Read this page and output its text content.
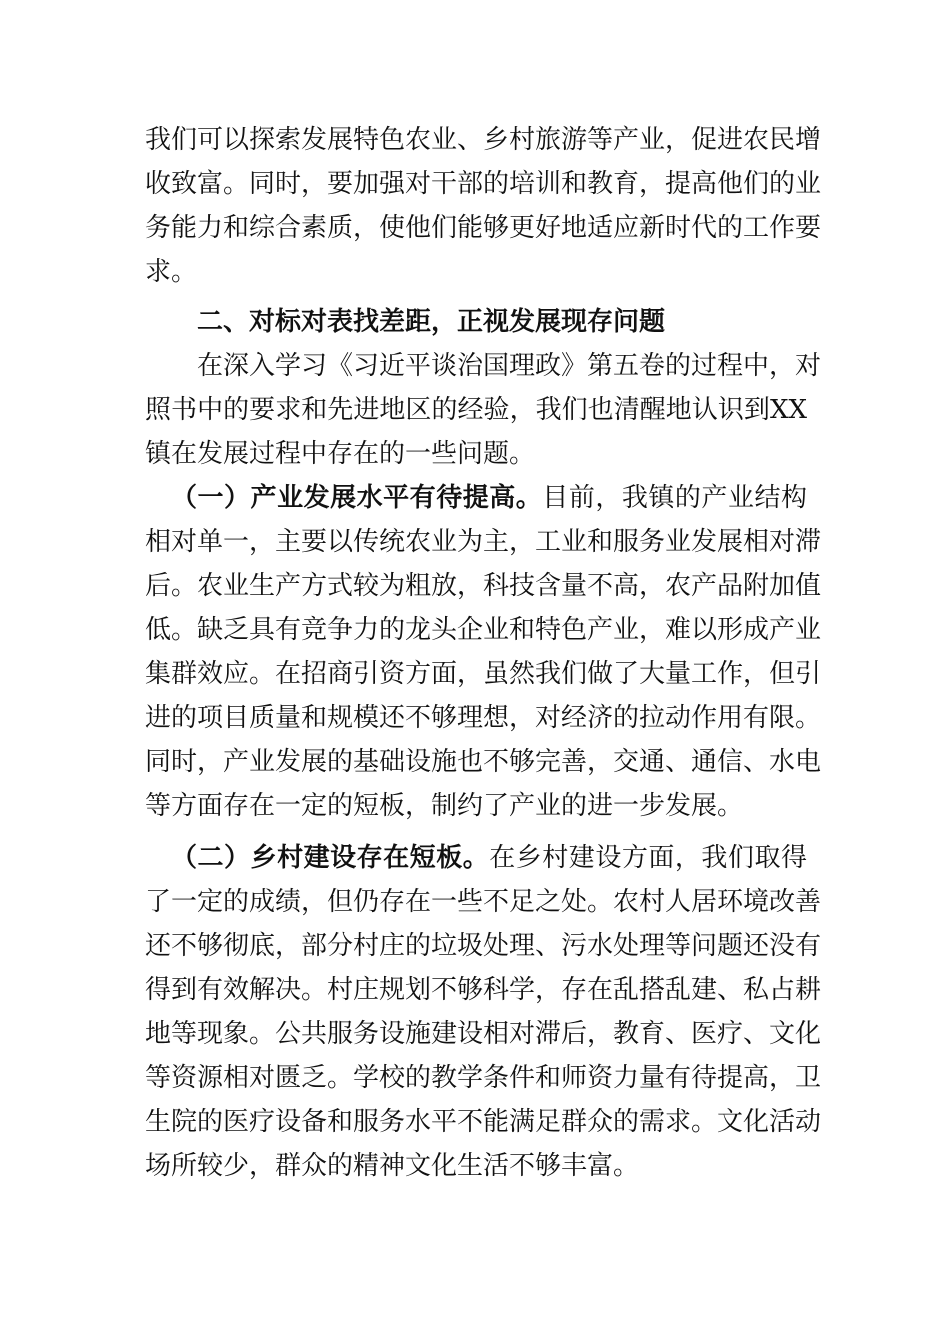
我们可以探索发展特色农业、乡村旅游等产业，促进农民增
收致富。同时，要加强对干部的培训和教育，提高他们的业
务能力和综合素质，使他们能够更好地适应新时代的工作要
求。
二、对标对表找差距，正视发展现存问题
在深入学习《习近平谈治国理政》第五卷的过程中，对
照书中的要求和先进地区的经验，我们也清醒地认识到XX
镇在发展过程中存在的一些问题。
（一）产业发展水平有待提高。目前，我镇的产业结构
相对单一，主要以传统农业为主，工业和服务业发展相对滞
后。农业生产方式较为粗放，科技含量不高，农产品附加值
低。缺乏具有竞争力的龙头企业和特色产业，难以形成产业
集群效应。在招商引资方面，虽然我们做了大量工作，但引
进的项目质量和规模还不够理想，对经济的拉动作用有限。
同时，产业发展的基础设施也不够完善，交通、通信、水电
等方面存在一定的短板，制约了产业的进一步发展。
（二）乡村建设存在短板。在乡村建设方面，我们取得
了一定的成绩，但仍存在一些不足之处。农村人居环境改善
还不够彻底，部分村庄的垃圾处理、污水处理等问题还没有
得到有效解决。村庄规划不够科学，存在乱搭乱建、私占耕
地等现象。公共服务设施建设相对滞后，教育、医疗、文化
等资源相对匮乏。学校的教学条件和师资力量有待提高，卫
生院的医疗设备和服务水平不能满足群众的需求。文化活动
场所较少，群众的精神文化生活不够丰富。
